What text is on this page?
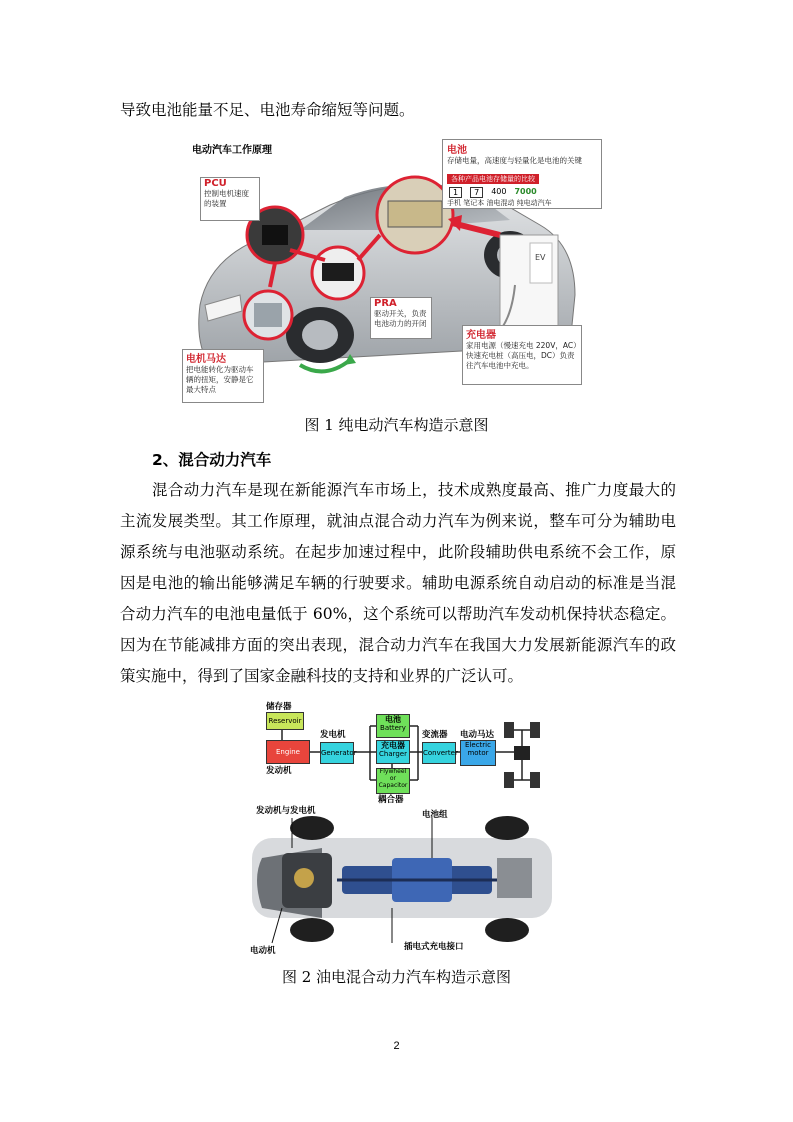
导致电池能量不足、电池寿命缩短等问题。
电动汽车工作原理	电池
存储电量，高速度与轻量化是电池的关键
各种产品电池存储量的比较
1	7	400 7000
手机 笔记本 油电混动 纯电动汽车
PCU
控制电机速度的装置
PRA
驱动开关，负责电池动力的开闭
电机马达
把电能转化为驱动车辆的扭矩，安静是它最大特点
充电器
家用电源（慢速充电 220V，AC）
快速充电桩（高压电，DC）负责
往汽车电池中充电。
EV
图 1 纯电动汽车构造示意图
2、混合动力汽车
混合动力汽车是现在新能源汽车市场上，技术成熟度最高、推广力度最大的
主流发展类型。其工作原理，就油点混合动力汽车为例来说，整车可分为辅助电
源系统与电池驱动系统。在起步加速过程中，此阶段辅助供电系统不会工作，原
因是电池的输出能够满足车辆的行驶要求。辅助电源系统自动启动的标准是当混
合动力汽车的电池电量低于 60%，这个系统可以帮助汽车发动机保持状态稳定。
因为在节能减排方面的突出表现，混合动力汽车在我国大力发展新能源汽车的政
策实施中，得到了国家金融科技的支持和业界的广泛认可。
储存器
Reservoir
Engine
发动机
发电机
Generator
电池
Battery
充电器
Charger
Flywheel or Capacitor
耦合器
变流器
Converter
电动马达
Electric motor
发动机与发电机	电池组
电动机	插电式充电接口
图 2 油电混合动力汽车构造示意图
2
